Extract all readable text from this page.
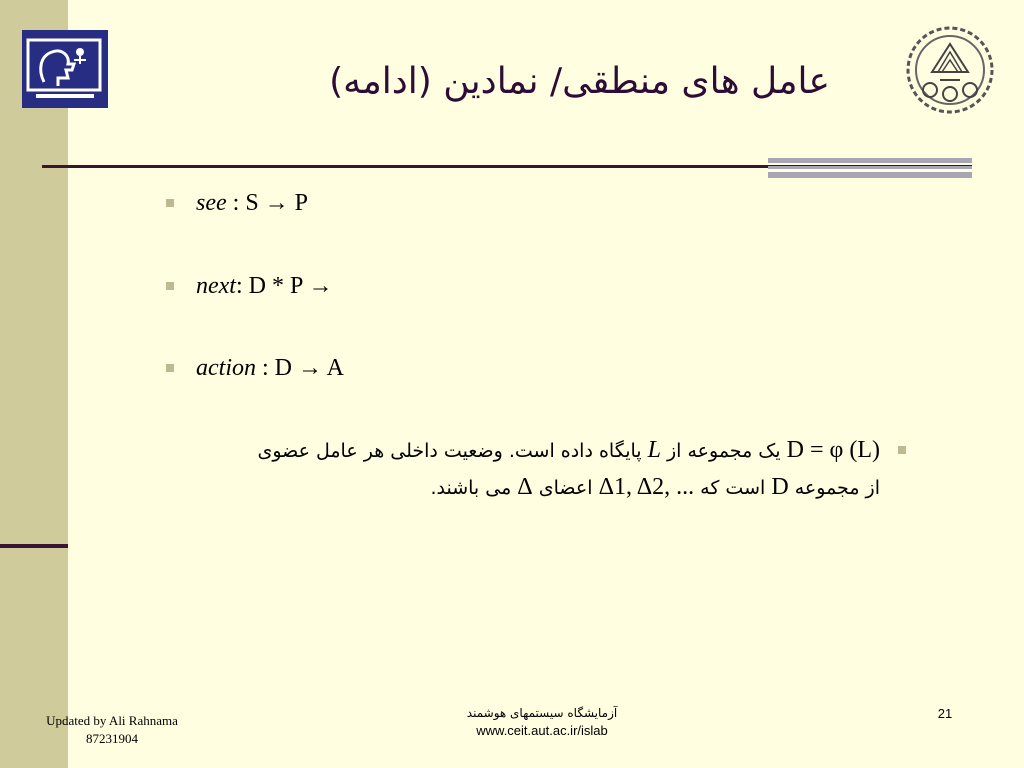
عامل های منطقی/ نمادین (ادامه)
see : S → P
next: D * P →
action : D → A
D = φ (L) یک مجموعه از L پایگاه داده است. وضعیت داخلی هر عامل عضوی
از مجموعه D است که Δ1, Δ2, ... اعضای Δ می باشند.
Updated by Ali Rahnama
87231904
آزمایشگاه سیستمهای هوشمند
www.ceit.aut.ac.ir/islab
21
